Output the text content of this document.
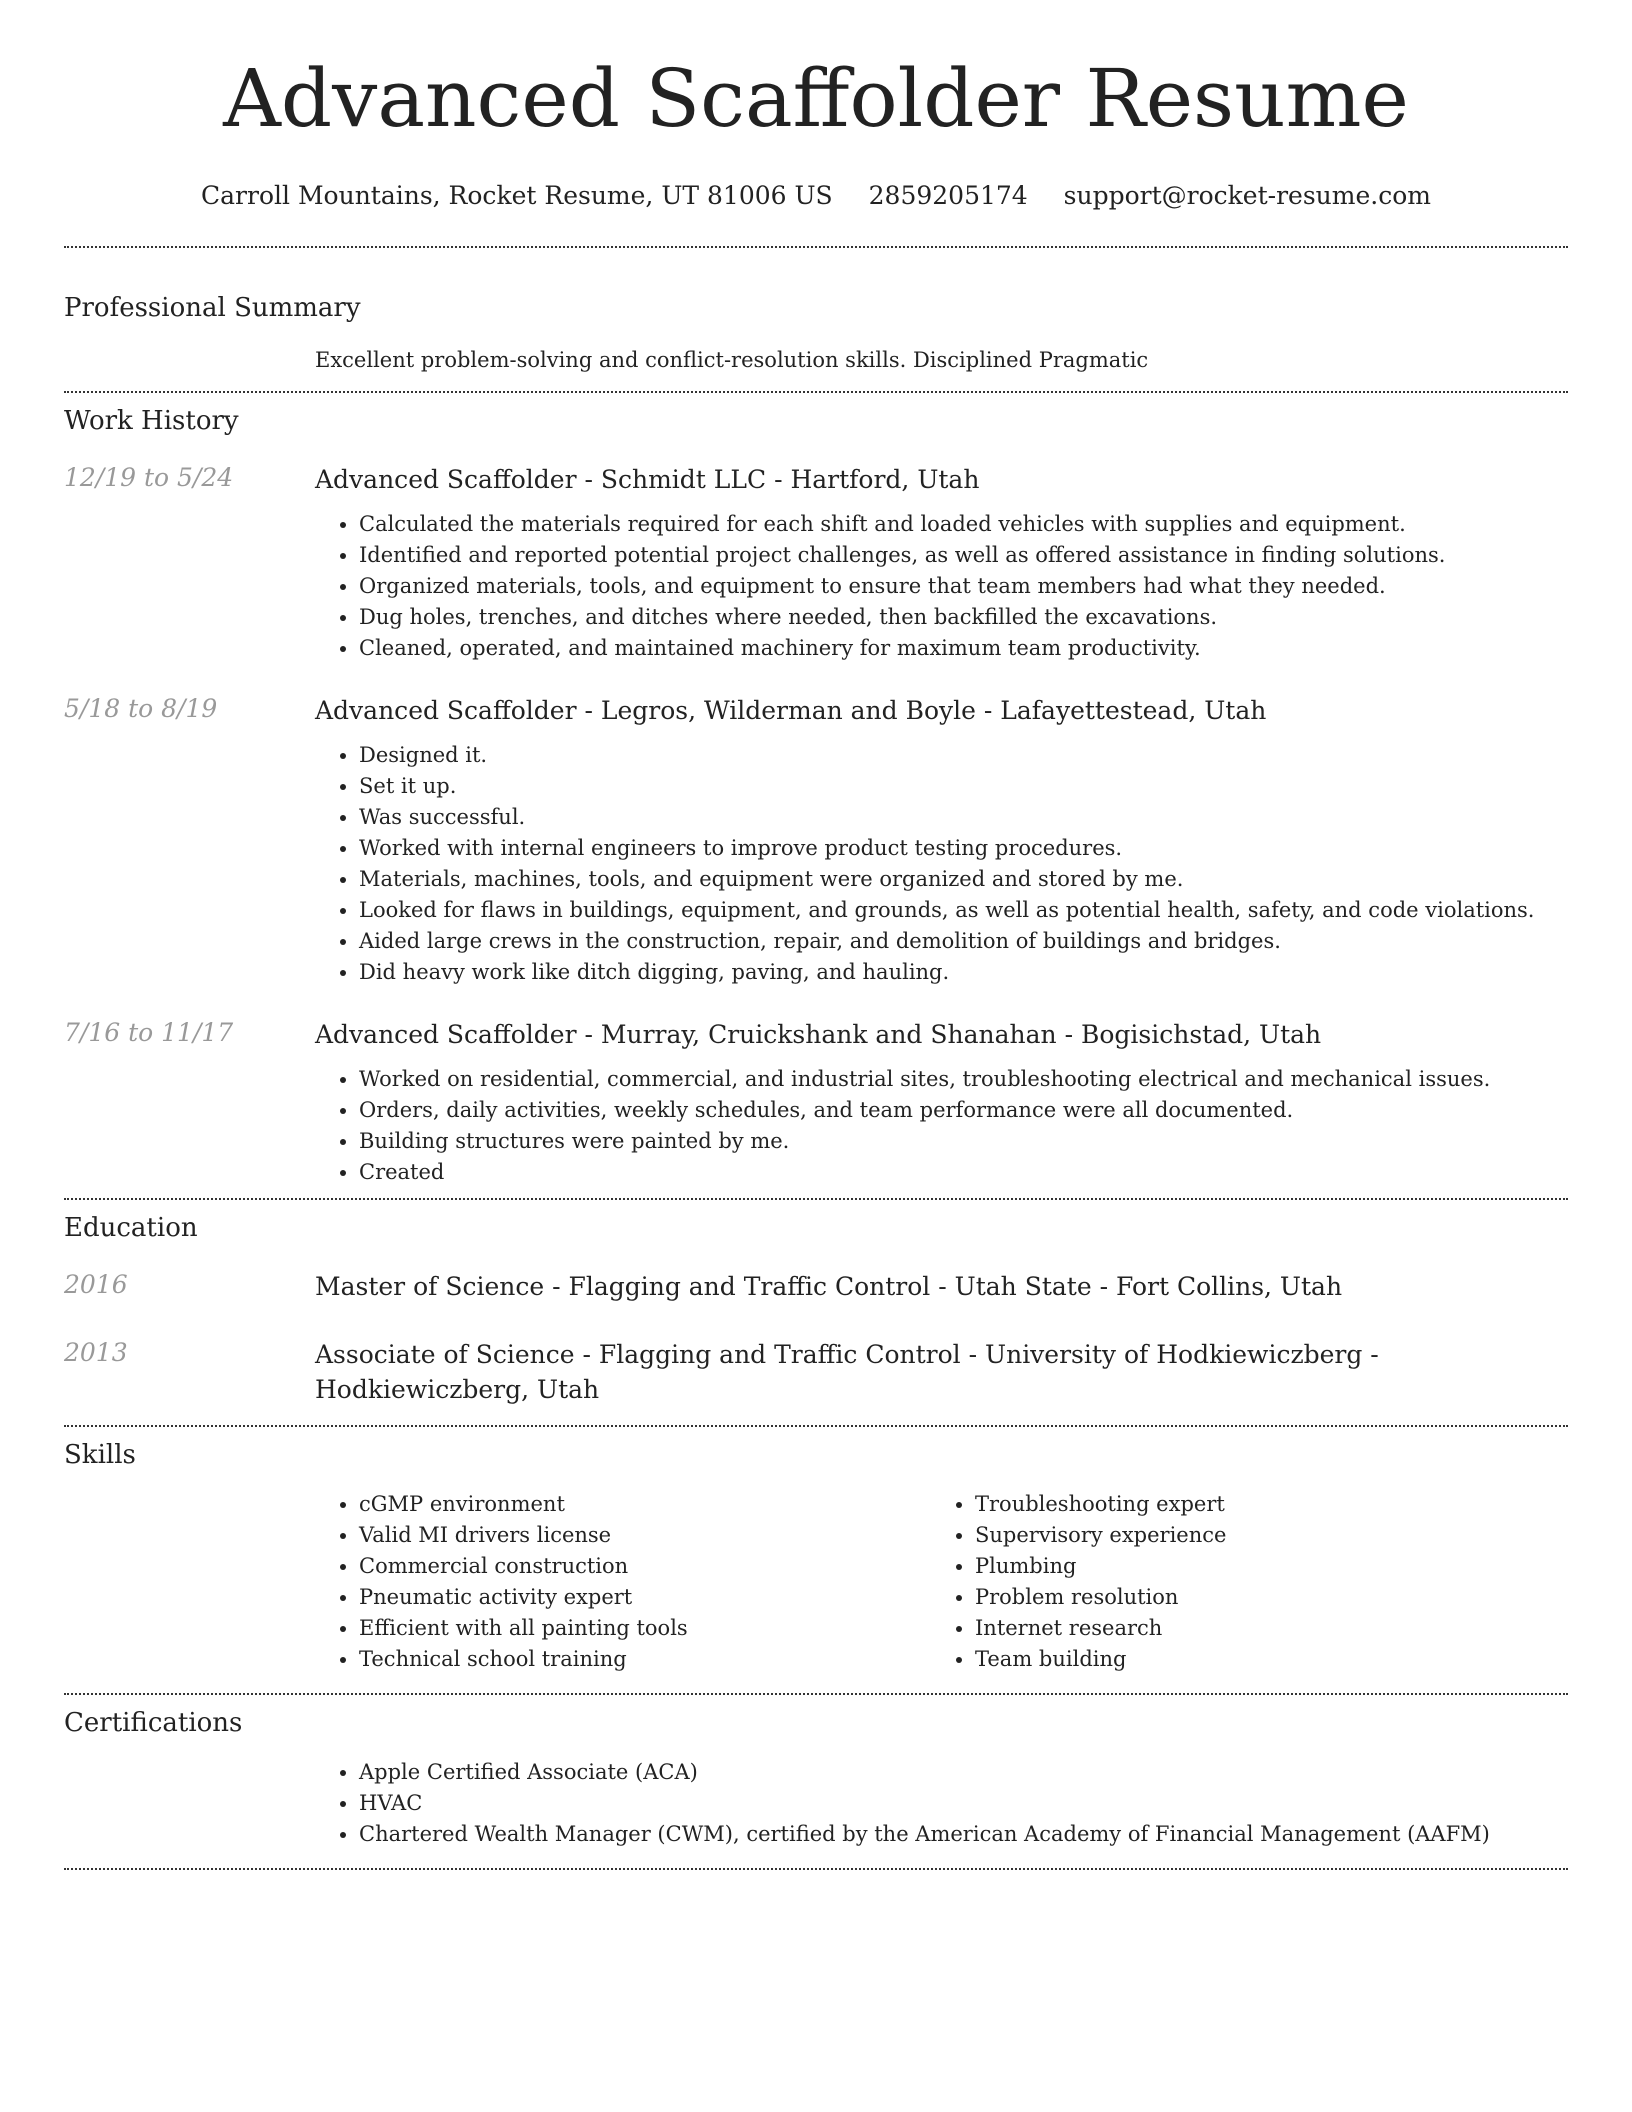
Advanced Scaffolder Resume
Carroll Mountains, Rocket Resume, UT 81006 US 2859205174 support@rocket-resume.com
Professional Summary
Excellent problem-solving and conflict-resolution skills. Disciplined Pragmatic
Work History
12/19 to 5/24	Advanced Scaffolder - Schmidt LLC - Hartford, Utah
• Calculated the materials required for each shift and loaded vehicles with supplies and equipment.
• Identified and reported potential project challenges, as well as offered assistance in finding solutions.
• Organized materials, tools, and equipment to ensure that team members had what they needed.
• Dug holes, trenches, and ditches where needed, then backfilled the excavations.
• Cleaned, operated, and maintained machinery for maximum team productivity.
5/18 to 8/19	Advanced Scaffolder - Legros, Wilderman and Boyle - Lafayettestead, Utah
• Designed it.
• Set it up.
• Was successful.
• Worked with internal engineers to improve product testing procedures.
• Materials, machines, tools, and equipment were organized and stored by me.
• Looked for flaws in buildings, equipment, and grounds, as well as potential health, safety, and code violations.
• Aided large crews in the construction, repair, and demolition of buildings and bridges.
• Did heavy work like ditch digging, paving, and hauling.
7/16 to 11/17	Advanced Scaffolder - Murray, Cruickshank and Shanahan - Bogisichstad, Utah
• Worked on residential, commercial, and industrial sites, troubleshooting electrical and mechanical issues.
• Orders, daily activities, weekly schedules, and team performance were all documented.
• Building structures were painted by me.
• Created
Education
2016	Master of Science - Flagging and Traffic Control - Utah State - Fort Collins, Utah
2013	Associate of Science - Flagging and Traffic Control - University of Hodkiewiczberg - Hodkiewiczberg, Utah
Skills
• cGMP environment
• Valid MI drivers license
• Commercial construction
• Pneumatic activity expert
• Efficient with all painting tools
• Technical school training
• Troubleshooting expert
• Supervisory experience
• Plumbing
• Problem resolution
• Internet research
• Team building
Certifications
• Apple Certified Associate (ACA)
• HVAC
• Chartered Wealth Manager (CWM), certified by the American Academy of Financial Management (AAFM)
